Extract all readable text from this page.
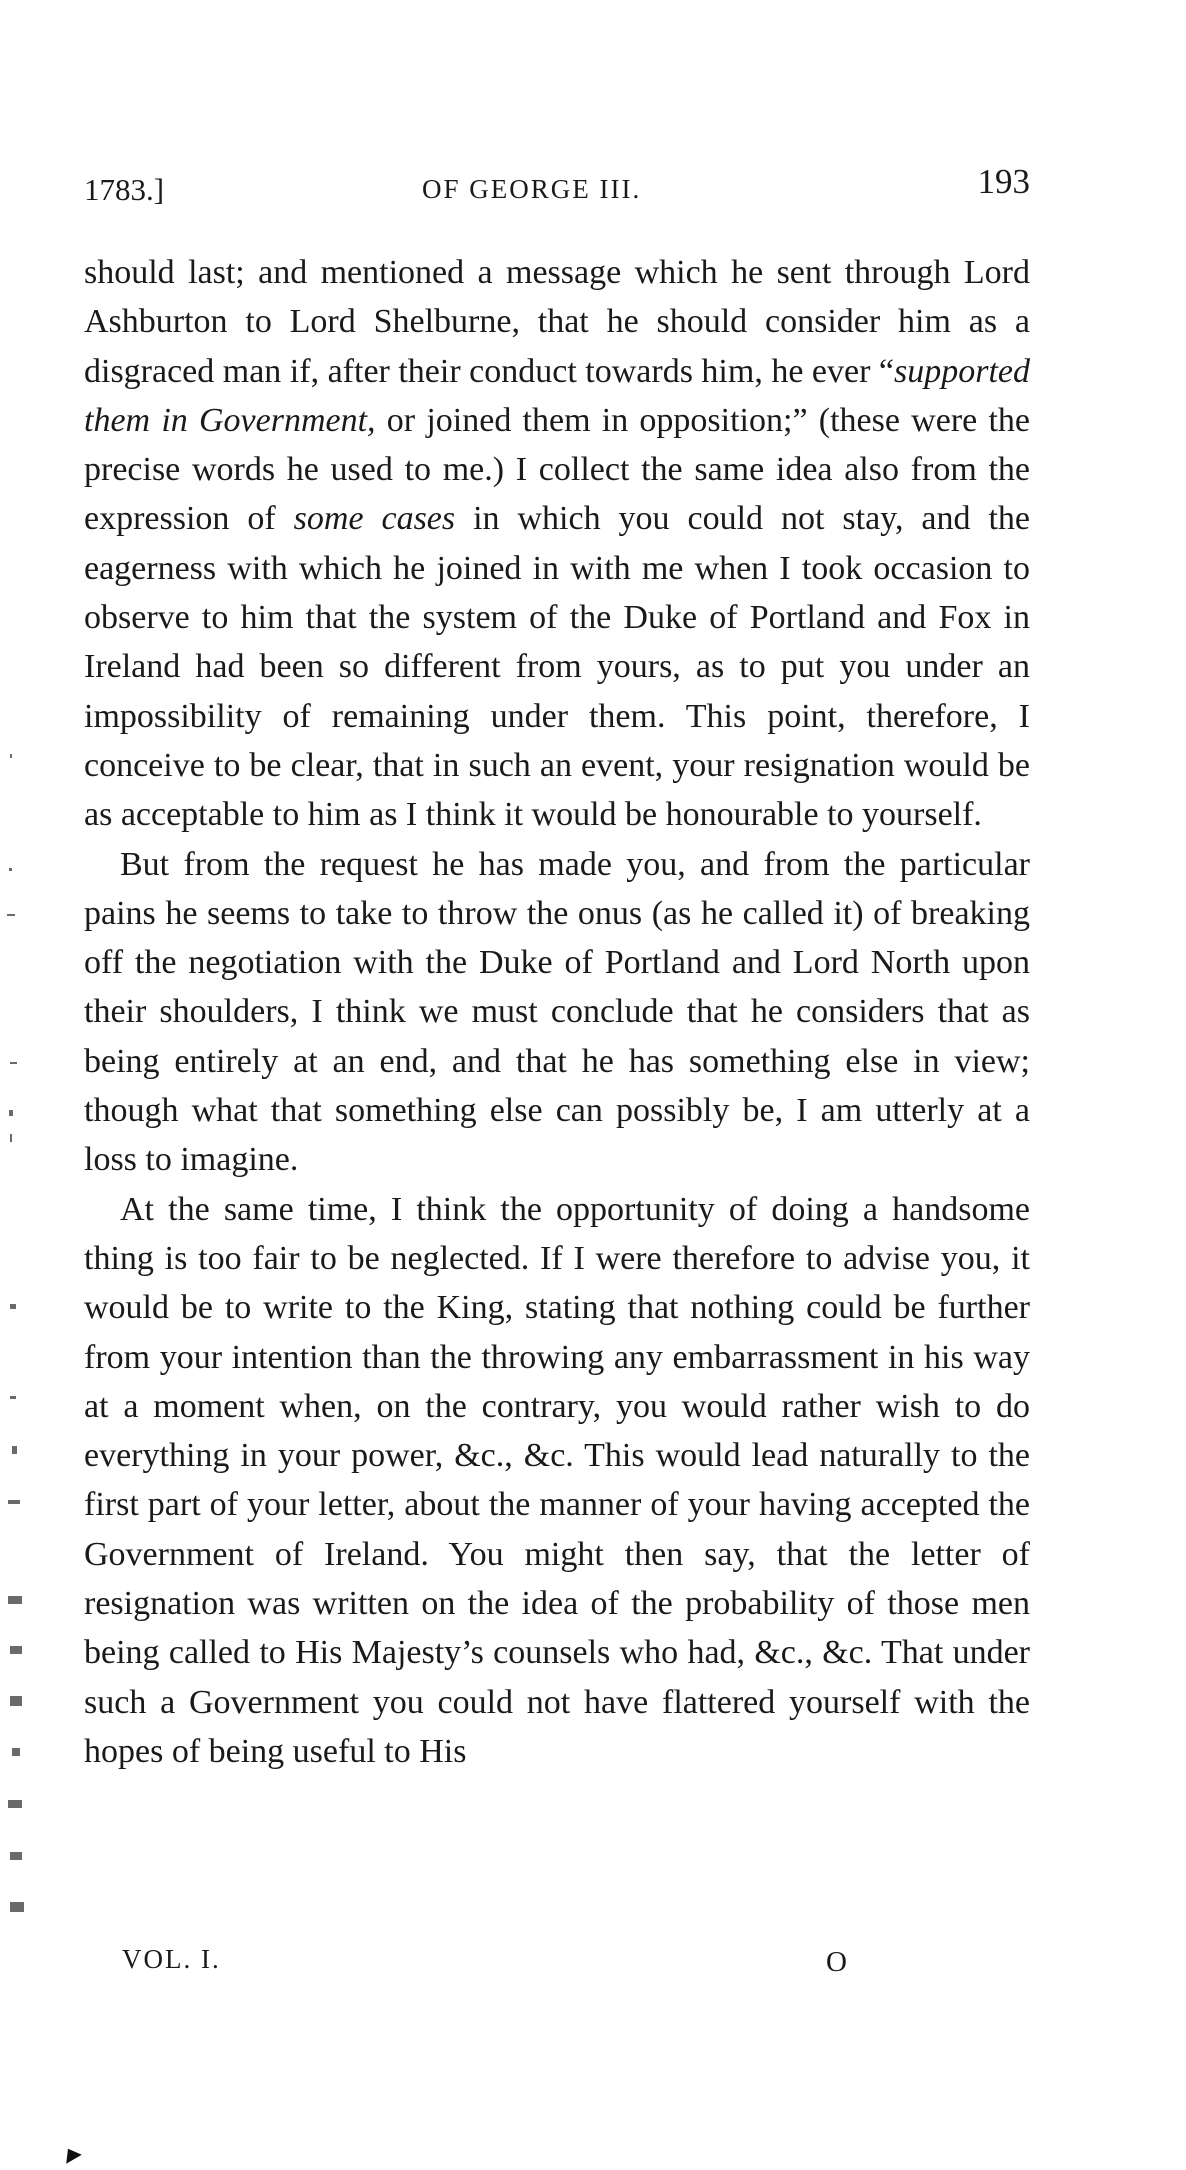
1783.]	OF GEORGE III.	193

should last; and mentioned a message which he sent through Lord Ashburton to Lord Shelburne, that he should consider him as a disgraced man if, after their conduct towards him, he ever “supported them in Government, or joined them in opposition;” (these were the precise words he used to me.) I collect the same idea also from the expression of some cases in which you could not stay, and the eagerness with which he joined in with me when I took occasion to observe to him that the system of the Duke of Portland and Fox in Ireland had been so different from yours, as to put you under an impossibility of remaining under them. This point, therefore, I conceive to be clear, that in such an event, your resignation would be as acceptable to him as I think it would be honourable to yourself.

But from the request he has made you, and from the particular pains he seems to take to throw the onus (as he called it) of breaking off the negotiation with the Duke of Portland and Lord North upon their shoulders, I think we must conclude that he considers that as being entirely at an end, and that he has something else in view; though what that something else can possibly be, I am utterly at a loss to imagine.

At the same time, I think the opportunity of doing a handsome thing is too fair to be neglected. If I were therefore to advise you, it would be to write to the King, stating that nothing could be further from your intention than the throwing any embarrassment in his way at a moment when, on the contrary, you would rather wish to do everything in your power, &c., &c. This would lead naturally to the first part of your letter, about the manner of your having accepted the Government of Ireland. You might then say, that the letter of resignation was written on the idea of the probability of those men being called to His Majesty’s counsels who had, &c., &c. That under such a Government you could not have flattered yourself with the hopes of being useful to His

VOL. I.	O
